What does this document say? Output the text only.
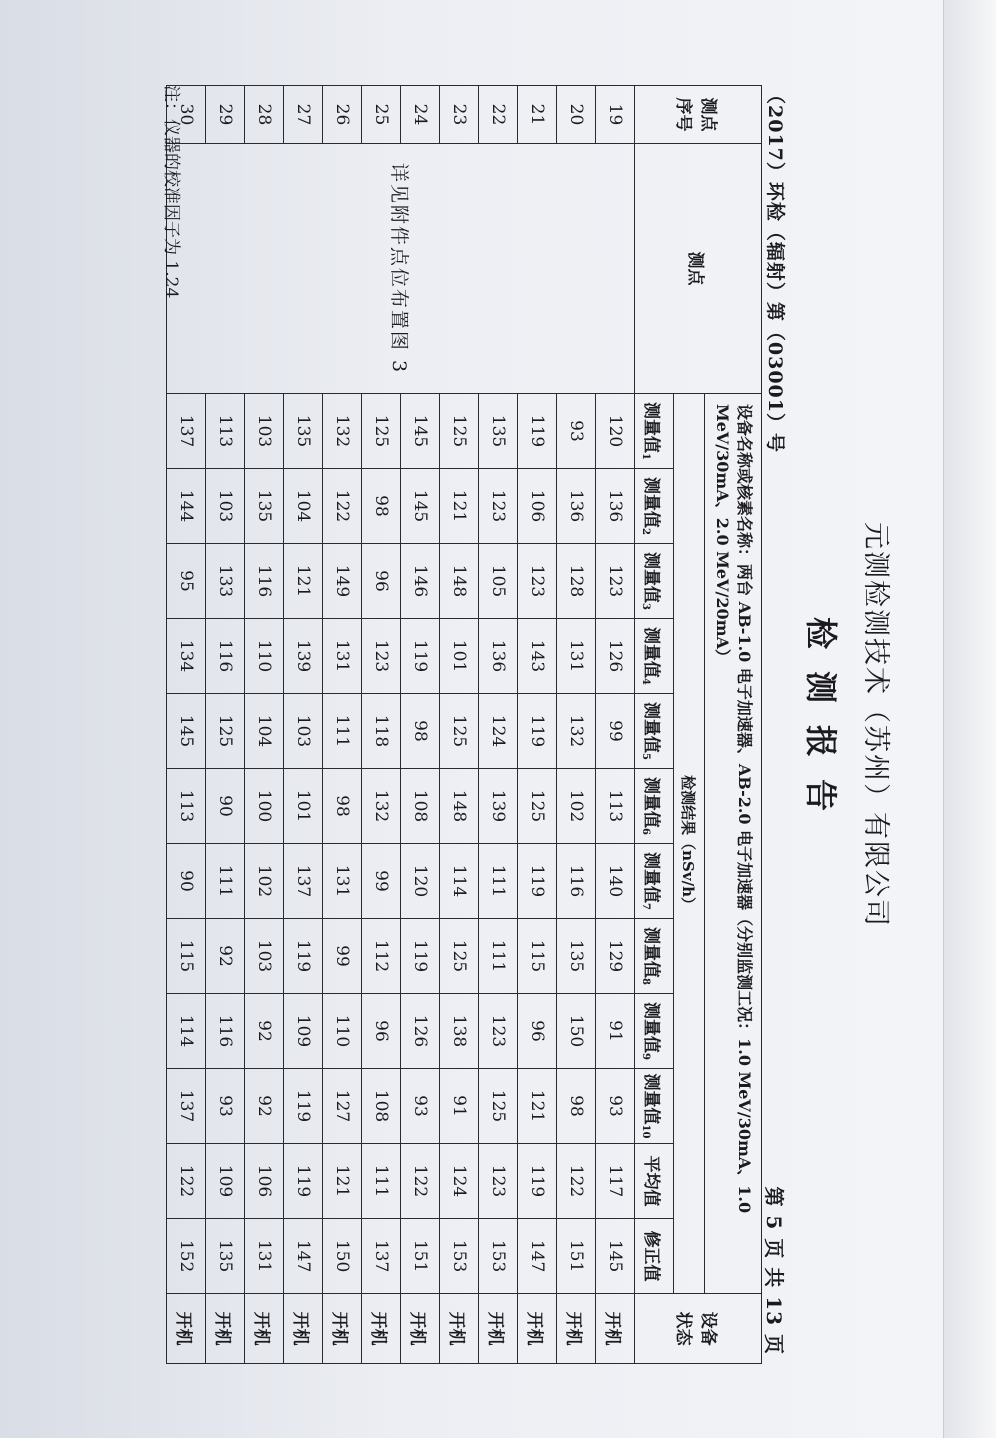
元测检测技术（苏州）有限公司
检测报告
（2017）环检（辐射）第（03001）号
第 5 页 共 13 页
测点
序号	测点	设备名称或核素名称：两台 AB-1.0 电子加速器、AB-2.0 电子加速器（分别监测工况：1.0 MeV/30mA、1.0 MeV/30mA、2.0 MeV/20mA）												设备
状态
		检测结果（nSv/h）												
		测量值1	测量值2	测量值3	测量值4	测量值5	测量值6	测量值7	测量值8	测量值9	测量值10	平均值	修正值	
19	详见附件点位布置图 3	120	136	123	126	99	113	140	129	91	93	117	145	开机
20		93	136	128	131	132	102	116	135	150	98	122	151	开机
21		119	106	123	143	119	125	119	115	96	121	119	147	开机
22		135	123	105	136	124	139	111	111	123	125	123	153	开机
23		125	121	148	101	125	148	114	125	138	91	124	153	开机
24		145	145	146	119	98	108	120	119	126	93	122	151	开机
25		125	98	96	123	118	132	99	112	96	108	111	137	开机
26		132	122	149	131	111	98	131	99	110	127	121	150	开机
27		135	104	121	139	103	101	137	119	109	119	119	147	开机
28		103	135	116	110	104	100	102	103	92	92	106	131	开机
29		113	103	133	116	125	90	111	92	116	93	109	135	开机
30		137	144	95	134	145	113	90	115	114	137	122	152	开机
注：仪器的校准因子为 1.24
